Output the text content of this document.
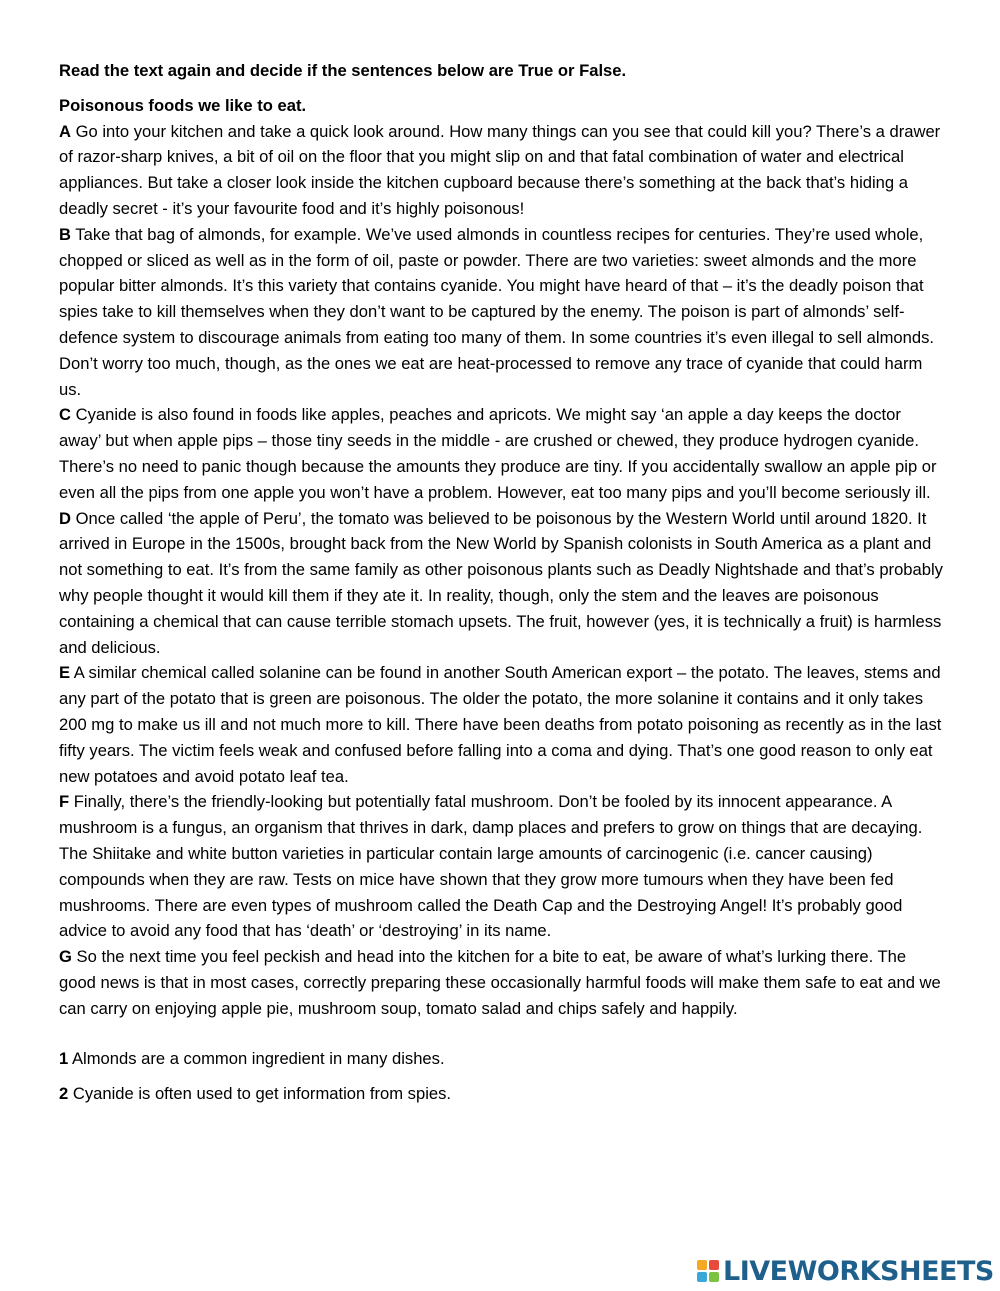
Read the text again and decide if the sentences below are True or False.

Poisonous foods we like to eat.

A Go into your kitchen and take a quick look around. How many things can you see that could kill you? There’s a drawer of razor-sharp knives, a bit of oil on the floor that you might slip on and that fatal combination of water and electrical appliances. But take a closer look inside the kitchen cupboard because there’s something at the back that’s hiding a deadly secret - it’s your favourite food and it’s highly poisonous!

B Take that bag of almonds, for example. We’ve used almonds in countless recipes for centuries. They’re used whole, chopped or sliced as well as in the form of oil, paste or powder. There are two varieties: sweet almonds and the more popular bitter almonds. It’s this variety that contains cyanide. You might have heard of that – it’s the deadly poison that spies take to kill themselves when they don’t want to be captured by the enemy. The poison is part of almonds’ self-defence system to discourage animals from eating too many of them. In some countries it’s even illegal to sell almonds. Don’t worry too much, though, as the ones we eat are heat-processed to remove any trace of cyanide that could harm us.

C Cyanide is also found in foods like apples, peaches and apricots. We might say ‘an apple a day keeps the doctor away’ but when apple pips – those tiny seeds in the middle - are crushed or chewed, they produce hydrogen cyanide. There’s no need to panic though because the amounts they produce are tiny. If you accidentally swallow an apple pip or even all the pips from one apple you won’t have a problem. However, eat too many pips and you’ll become seriously ill.

D Once called ‘the apple of Peru’, the tomato was believed to be poisonous by the Western World until around 1820. It arrived in Europe in the 1500s, brought back from the New World by Spanish colonists in South America as a plant and not something to eat. It’s from the same family as other poisonous plants such as Deadly Nightshade and that’s probably why people thought it would kill them if they ate it. In reality, though, only the stem and the leaves are poisonous containing a chemical that can cause terrible stomach upsets. The fruit, however (yes, it is technically a fruit) is harmless and delicious.

E A similar chemical called solanine can be found in another South American export – the potato. The leaves, stems and any part of the potato that is green are poisonous. The older the potato, the more solanine it contains and it only takes 200 mg to make us ill and not much more to kill. There have been deaths from potato poisoning as recently as in the last fifty years. The victim feels weak and confused before falling into a coma and dying. That’s one good reason to only eat new potatoes and avoid potato leaf tea.

F Finally, there’s the friendly-looking but potentially fatal mushroom. Don’t be fooled by its innocent appearance. A mushroom is a fungus, an organism that thrives in dark, damp places and prefers to grow on things that are decaying. The Shiitake and white button varieties in particular contain large amounts of carcinogenic (i.e. cancer causing) compounds when they are raw. Tests on mice have shown that they grow more tumours when they have been fed mushrooms. There are even types of mushroom called the Death Cap and the Destroying Angel! It’s probably good advice to avoid any food that has ‘death’ or ‘destroying’ in its name.

G So the next time you feel peckish and head into the kitchen for a bite to eat, be aware of what’s lurking there. The good news is that in most cases, correctly preparing these occasionally harmful foods will make them safe to eat and we can carry on enjoying apple pie, mushroom soup, tomato salad and chips safely and happily.

1 Almonds are a common ingredient in many dishes.

2 Cyanide is often used to get information from spies.

LIVEWORKSHEETS
